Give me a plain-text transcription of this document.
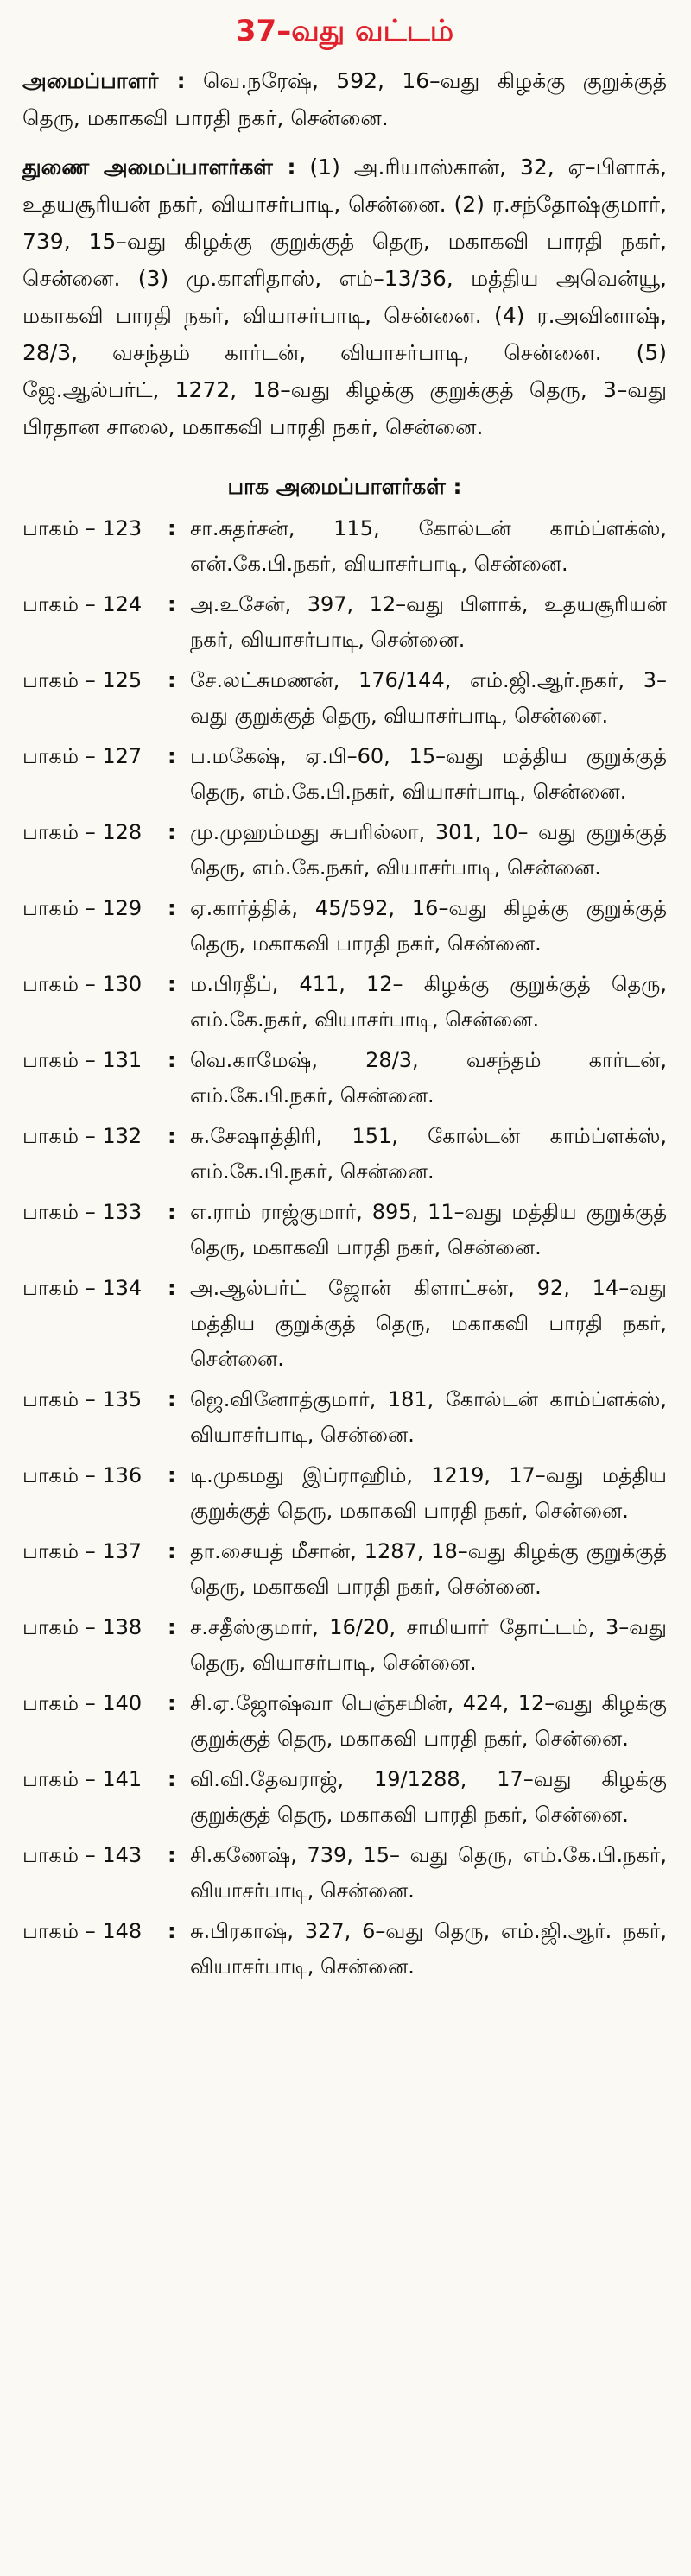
37–வது வட்டம்
அமைப்பாளர் : வெ.நரேஷ், 592, 16–வது கிழக்கு குறுக்குத் தெரு, மகாகவி பாரதி நகர், சென்னை.
துணை அமைப்பாளர்கள் : (1) அ.ரியாஸ்கான், 32, ஏ–பிளாக், உதயசூரியன் நகர், வியாசர்பாடி, சென்னை. (2) ர.சந்தோஷ்குமார், 739, 15–வது கிழக்கு குறுக்குத் தெரு, மகாகவி பாரதி நகர், சென்னை. (3) மு.காளிதாஸ், எம்–13/36, மத்திய அவென்யூ, மகாகவி பாரதி நகர், வியாசர்பாடி, சென்னை. (4) ர.அவினாஷ், 28/3, வசந்தம் கார்டன், வியாசர்பாடி, சென்னை. (5) ஜே.ஆல்பர்ட், 1272, 18–வது கிழக்கு குறுக்குத் தெரு, 3–வது பிரதான சாலை, மகாகவி பாரதி நகர், சென்னை.
பாக அமைப்பாளர்கள் :
பாகம் – 123	: சா.சுதர்சன், 115, கோல்டன் காம்ப்ளக்ஸ், என்.கே.பி.நகர், வியாசர்பாடி, சென்னை.
பாகம் – 124	: அ.உசேன், 397, 12–வது பிளாக், உதயசூரியன் நகர், வியாசர்பாடி, சென்னை.
பாகம் – 125	: சே.லட்சுமணன், 176/144, எம்.ஜி.ஆர்.நகர், 3– வது குறுக்குத் தெரு, வியாசர்பாடி, சென்னை.
பாகம் – 127	: ப.மகேஷ், ஏ.பி–60, 15–வது மத்திய குறுக்குத் தெரு, எம்.கே.பி.நகர், வியாசர்பாடி, சென்னை.
பாகம் – 128	: மு.முஹம்மது சுபரில்லா, 301, 10– வது குறுக்குத் தெரு, எம்.கே.நகர், வியாசர்பாடி, சென்னை.
பாகம் – 129	: ஏ.கார்த்திக், 45/592, 16–வது கிழக்கு குறுக்குத் தெரு, மகாகவி பாரதி நகர், சென்னை.
பாகம் – 130	: ம.பிரதீப், 411, 12– கிழக்கு குறுக்குத் தெரு, எம்.கே.நகர், வியாசர்பாடி, சென்னை.
பாகம் – 131	: வெ.காமேஷ், 28/3, வசந்தம் கார்டன், எம்.கே.பி.நகர், சென்னை.
பாகம் – 132	: சு.சேஷாத்திரி, 151, கோல்டன் காம்ப்ளக்ஸ், எம்.கே.பி.நகர், சென்னை.
பாகம் – 133	: எ.ராம் ராஜ்குமார், 895, 11–வது மத்திய குறுக்குத் தெரு, மகாகவி பாரதி நகர், சென்னை.
பாகம் – 134	: அ.ஆல்பர்ட் ஜோன் கிளாட்சன், 92, 14–வது மத்திய குறுக்குத் தெரு, மகாகவி பாரதி நகர், சென்னை.
பாகம் – 135	: ஜெ.வினோத்குமார், 181, கோல்டன் காம்ப்ளக்ஸ், வியாசர்பாடி, சென்னை.
பாகம் – 136	: டி.முகமது இப்ராஹிம், 1219, 17–வது மத்திய குறுக்குத் தெரு, மகாகவி பாரதி நகர், சென்னை.
பாகம் – 137	: தா.சையத் மீசான், 1287, 18–வது கிழக்கு குறுக்குத் தெரு, மகாகவி பாரதி நகர், சென்னை.
பாகம் – 138	: ச.சதீஸ்குமார், 16/20, சாமியார் தோட்டம், 3–வது தெரு, வியாசர்பாடி, சென்னை.
பாகம் – 140	: சி.ஏ.ஜோஷ்வா பெஞ்சமின், 424, 12–வது கிழக்கு குறுக்குத் தெரு, மகாகவி பாரதி நகர், சென்னை.
பாகம் – 141	: வி.வி.தேவராஜ், 19/1288, 17–வது கிழக்கு குறுக்குத் தெரு, மகாகவி பாரதி நகர், சென்னை.
பாகம் – 143	: சி.கணேஷ், 739, 15– வது தெரு, எம்.கே.பி.நகர், வியாசர்பாடி, சென்னை.
பாகம் – 148	: சு.பிரகாஷ், 327, 6–வது தெரு, எம்.ஜி.ஆர். நகர், வியாசர்பாடி, சென்னை.
